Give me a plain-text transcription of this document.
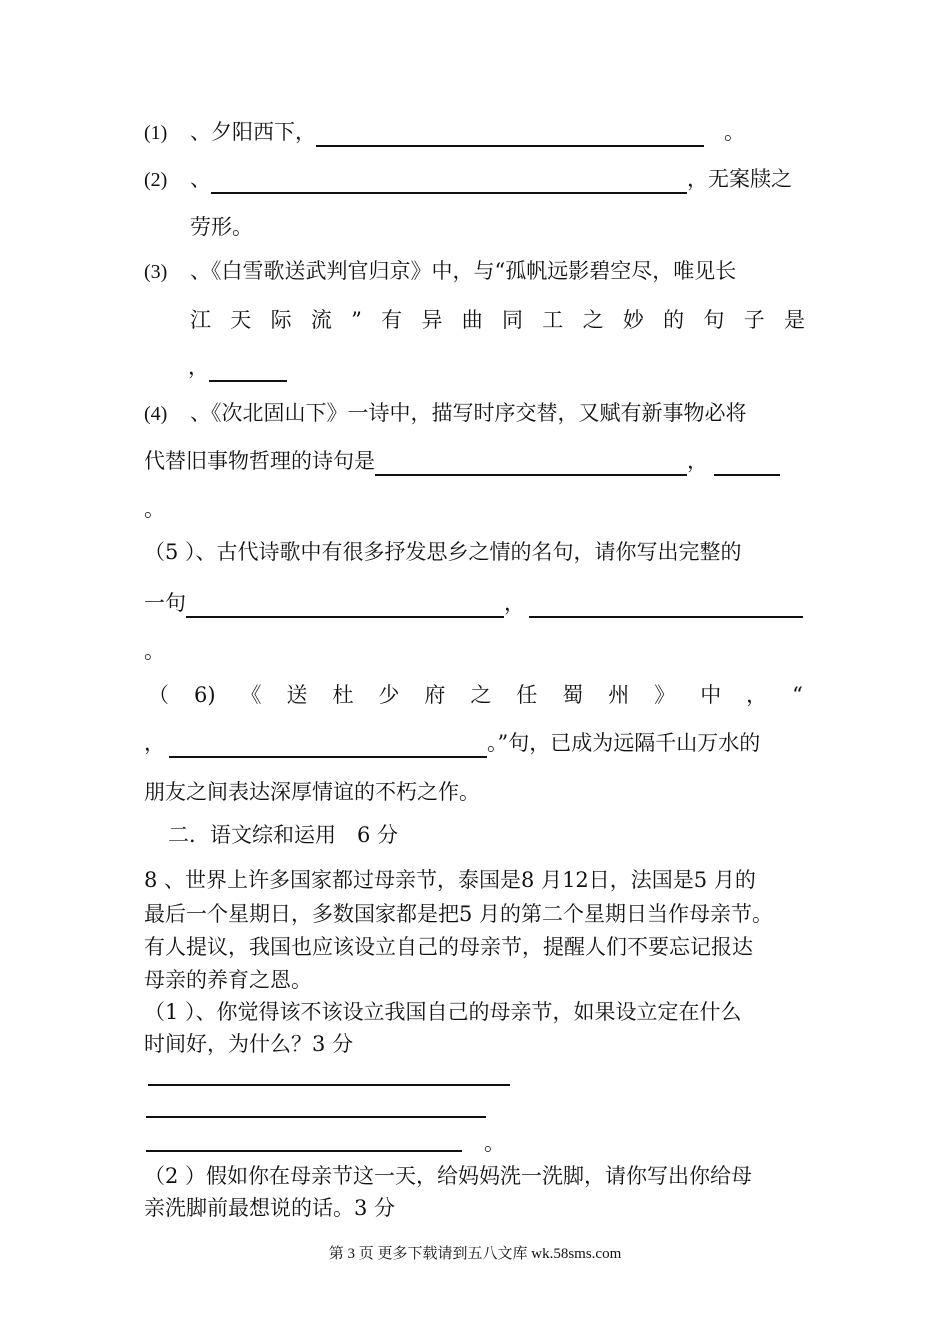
(1) 、夕阳西下，	。
(2) 、	，无案牍之
劳形。
(3) 、《白雪歌送武判官归京》中，与“孤帆远影碧空尽，唯见长
江 天 际 流 ” 有 异 曲 同 工 之 妙 的 句 子 是
，
(4) 、《次北固山下》一诗中，描写时序交替，又赋有新事物必将
代替旧事物哲理的诗句是	，
。
（5 ）、古代诗歌中有很多抒发思乡之情的名句，请你写出完整的
一句	，
。
（ 6) 《 送 杜 少 府 之 任 蜀 州 》 中 ， “
，	。”句，已成为远隔千山万水的
朋友之间表达深厚情谊的不朽之作。
二．语文综和运用　6 分
8 、世界上许多国家都过母亲节，泰国是8 月12日，法国是5 月的
最后一个星期日，多数国家都是把5 月的第二个星期日当作母亲节。
有人提议，我国也应该设立自己的母亲节，提醒人们不要忘记报达
母亲的养育之恩。
（1 ）、你觉得该不该设立我国自己的母亲节，如果设立定在什么
时间好，为什么？3 分
。
（2 ）假如你在母亲节这一天，给妈妈洗一洗脚，请你写出你给母
亲洗脚前最想说的话。3 分
第 3 页 更多下载请到五八文库 wk.58sms.com
